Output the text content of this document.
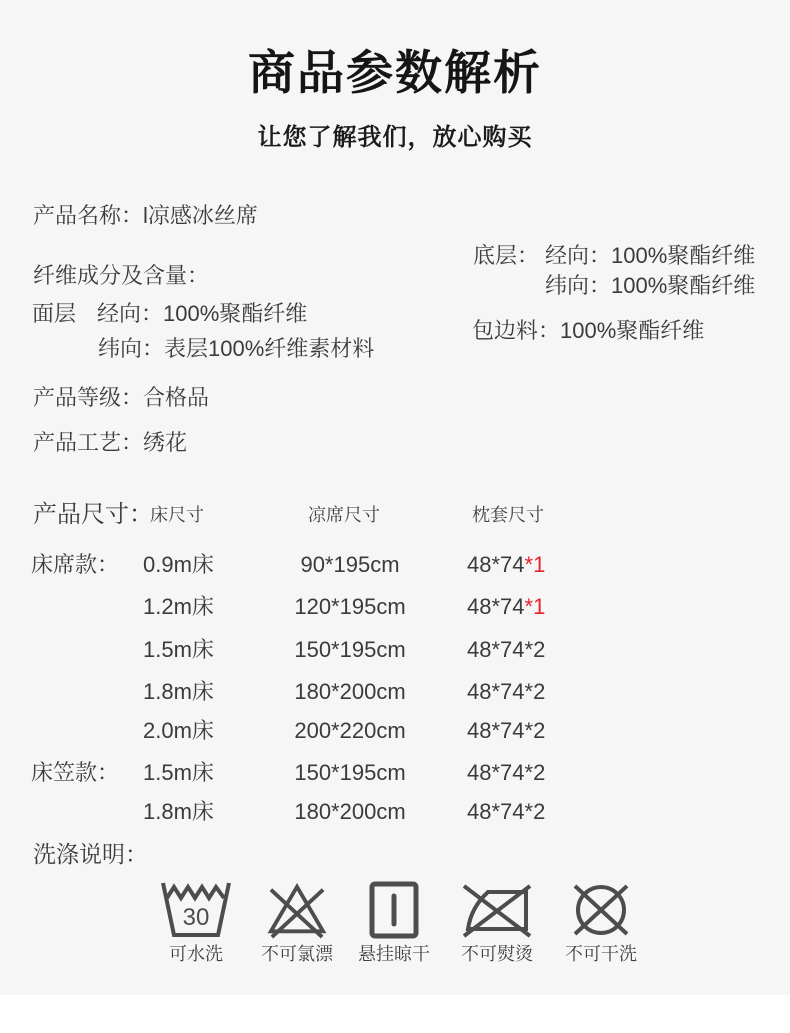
商品参数解析
让您了解我们，放心购买
产品名称：l凉感冰丝席
纤维成分及含量：
面层 经向：100%聚酯纤维
纬向：表层100%纤维素材料
底层： 经向：100%聚酯纤维
纬向：100%聚酯纤维
包边料：100%聚酯纤维
产品等级：合格品
产品工艺：绣花
产品尺寸：
床尺寸	凉席尺寸	枕套尺寸
床席款： 0.9m床	90*195cm	48*74*1
1.2m床	120*195cm	48*74*1
1.5m床	150*195cm	48*74*2
1.8m床	180*200cm	48*74*2
2.0m床	200*220cm	48*74*2
床笠款： 1.5m床	150*195cm	48*74*2
1.8m床	180*200cm	48*74*2
洗涤说明：
30
可水洗	不可氯漂	悬挂晾干	不可熨烫	不可干洗
